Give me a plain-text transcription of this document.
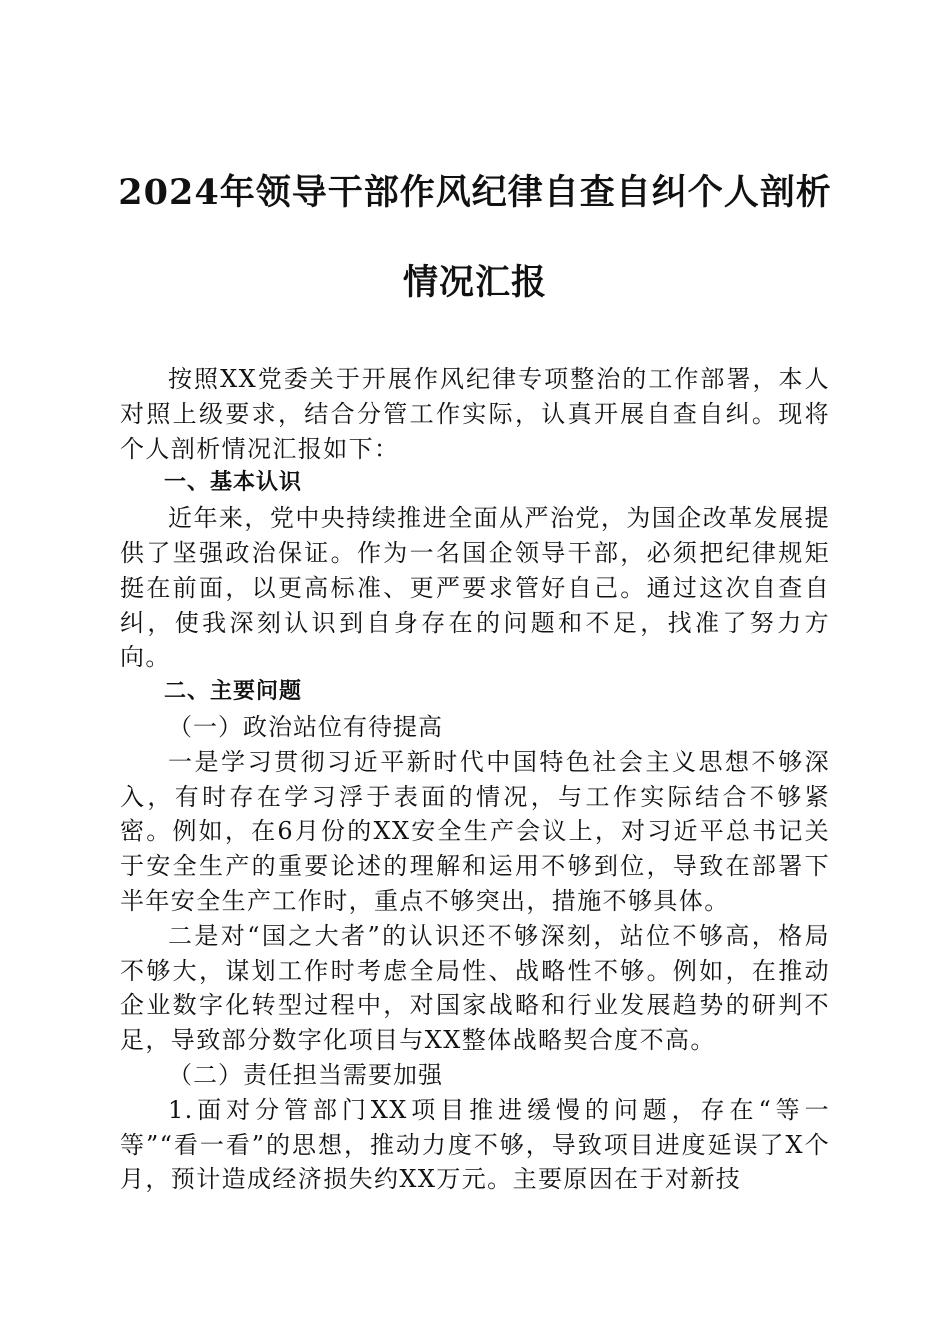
2024年领导干部作风纪律自查自纠个人剖析
情况汇报

按照XX党委关于开展作风纪律专项整治的工作部署，本人对照上级要求，结合分管工作实际，认真开展自查自纠。现将个人剖析情况汇报如下：

一、基本认识

近年来，党中央持续推进全面从严治党，为国企改革发展提供了坚强政治保证。作为一名国企领导干部，必须把纪律规矩挺在前面，以更高标准、更严要求管好自己。通过这次自查自纠，使我深刻认识到自身存在的问题和不足，找准了努力方向。

二、主要问题

（一）政治站位有待提高

一是学习贯彻习近平新时代中国特色社会主义思想不够深入，有时存在学习浮于表面的情况，与工作实际结合不够紧密。例如，在6月份的XX安全生产会议上，对习近平总书记关于安全生产的重要论述的理解和运用不够到位，导致在部署下半年安全生产工作时，重点不够突出，措施不够具体。

二是对“国之大者”的认识还不够深刻，站位不够高，格局不够大，谋划工作时考虑全局性、战略性不够。例如，在推动企业数字化转型过程中，对国家战略和行业发展趋势的研判不足，导致部分数字化项目与XX整体战略契合度不高。

（二）责任担当需要加强

1.面对分管部门XX项目推进缓慢的问题，存在“等一等”“看一看”的思想，推动力度不够，导致项目进度延误了X个月，预计造成经济损失约XX万元。主要原因在于对新技
